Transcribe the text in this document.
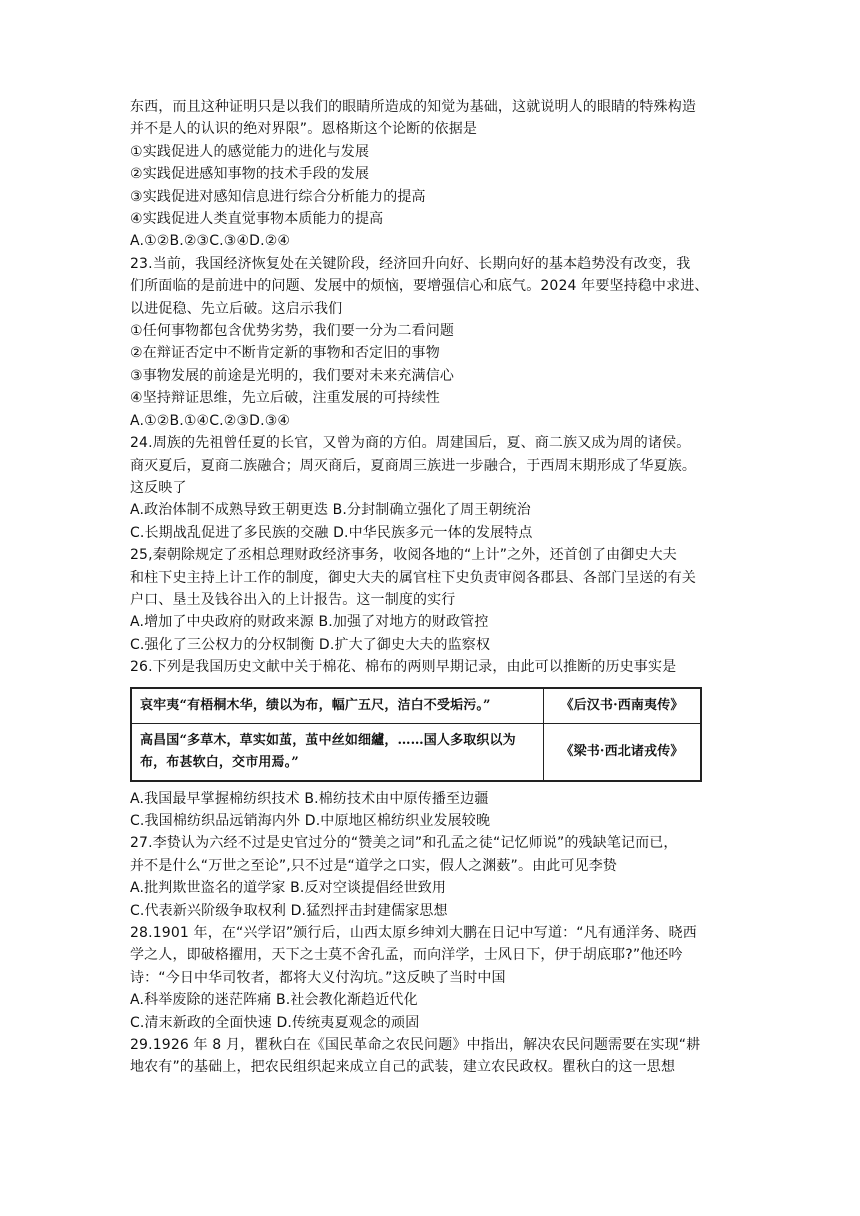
东西，而且这种证明只是以我们的眼睛所造成的知觉为基础，这就说明人的眼睛的特殊构造
并不是人的认识的绝对界限”。恩格斯这个论断的依据是
①实践促进人的感觉能力的进化与发展
②实践促进感知事物的技术手段的发展
③实践促进对感知信息进行综合分析能力的提高
④实践促进人类直觉事物本质能力的提高
A.①②B.②③C.③④D.②④
23.当前，我国经济恢复处在关键阶段，经济回升向好、长期向好的基本趋势没有改变，我
们所面临的是前进中的问题、发展中的烦恼，要增强信心和底气。2024 年要坚持稳中求进、
以进促稳、先立后破。这启示我们
①任何事物都包含优势劣势，我们要一分为二看问题
②在辩证否定中不断肯定新的事物和否定旧的事物
③事物发展的前途是光明的，我们要对未来充满信心
④坚持辩证思维，先立后破，注重发展的可持续性
A.①②B.①④C.②③D.③④
24.周族的先祖曾任夏的长官，又曾为商的方伯。周建国后，夏、商二族又成为周的诸侯。
商灭夏后，夏商二族融合；周灭商后，夏商周三族进一步融合，于西周末期形成了华夏族。
这反映了
A.政治体制不成熟导致王朝更迭 B.分封制确立强化了周王朝统治
C.长期战乱促进了多民族的交融 D.中华民族多元一体的发展特点
25,秦朝除规定了丞相总理财政经济事务，收阅各地的“上计”之外，还首创了由御史大夫
和柱下史主持上计工作的制度，御史大夫的属官柱下史负责审阅各郡县、各部门呈送的有关
户口、垦土及钱谷出入的上计报告。这一制度的实行
A.增加了中央政府的财政来源 B.加强了对地方的财政管控
C.强化了三公权力的分权制衡 D.扩大了御史大夫的监察权
26.下列是我国历史文献中关于棉花、棉布的两则早期记录，由此可以推断的历史事实是
哀牢夷“有梧桐木华，绩以为布，幅广五尺，洁白不受垢污。”	《后汉书·西南夷传》

高昌国“多草木，草实如茧，茧中丝如细纑，……国人多取织以为
布，布甚软白，交市用焉。”	《梁书·西北诸戎传》
A.我国最早掌握棉纺织技术 B.棉纺技术由中原传播至边疆
C.我国棉纺织品远销海内外 D.中原地区棉纺织业发展较晚
27.李贽认为六经不过是史官过分的“赞美之词”和孔孟之徒“记忆师说”的残缺笔记而已，
并不是什么“万世之至论”,只不过是“道学之口实，假人之渊薮”。由此可见李贽
A.批判欺世盗名的道学家 B.反对空谈提倡经世致用
C.代表新兴阶级争取权利 D.猛烈抨击封建儒家思想
28.1901 年，在“兴学诏”颁行后，山西太原乡绅刘大鹏在日记中写道：“凡有通洋务、晓西
学之人，即破格擢用，天下之士莫不舍孔孟，而向洋学，士风日下，伊于胡底耶?”他还吟
诗：“今日中华司牧者，都将大义付沟坑。”这反映了当时中国
A.科举废除的迷茫阵痛 B.社会教化渐趋近代化
C.清末新政的全面快速 D.传统夷夏观念的顽固
29.1926 年 8 月，瞿秋白在《国民革命之农民问题》中指出，解决农民问题需要在实现“耕
地农有”的基础上，把农民组织起来成立自己的武装，建立农民政权。瞿秋白的这一思想
